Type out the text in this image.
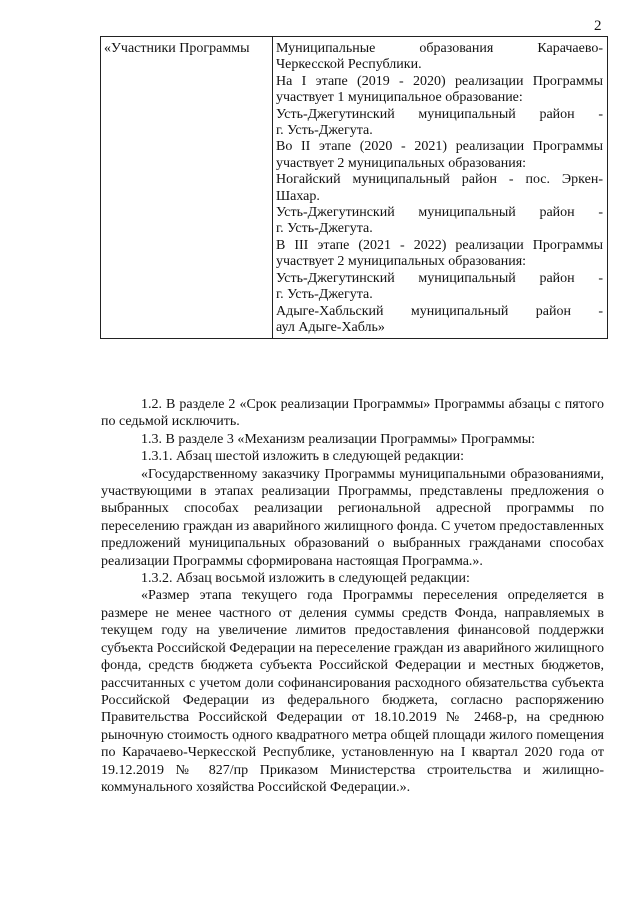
2
«Участники Программы	Муниципальные образования Карачаево-

Черкесской Республики.

На I этапе (2019 - 2020) реализации Программы

участвует 1 муниципальное образование:

Усть-Джегутинский муниципальный район -

г. Усть-Джегута.

Во II этапе (2020 - 2021) реализации Программы

участвует 2 муниципальных образования:

Ногайский муниципальный район - пос. Эркен-

Шахар.

Усть-Джегутинский муниципальный район -

г. Усть-Джегута.

В III этапе (2021 - 2022) реализации Программы

участвует 2 муниципальных образования:

Усть-Джегутинский муниципальный район -

г. Усть-Джегута.

Адыге-Хабльский муниципальный район -

аул Адыге-Хабль»

1.2. В разделе 2 «Срок реализации Программы» Программы абзацы с пятого по седьмой исключить.

1.3. В разделе 3 «Механизм реализации Программы» Программы:

1.3.1. Абзац шестой изложить в следующей редакции:

«Государственному заказчику Программы муниципальными образованиями, участвующими в этапах реализации Программы, представлены предложения о выбранных способах реализации региональной адресной программы по переселению граждан из аварийного жилищного фонда. С учетом предоставленных предложений муниципальных образований о выбранных гражданами способах реализации Программы сформирована настоящая Программа.».

1.3.2. Абзац восьмой изложить в следующей редакции:

«Размер этапа текущего года Программы переселения определяется в размере не менее частного от деления суммы средств Фонда, направляемых в текущем году на увеличение лимитов предоставления финансовой поддержки субъекта Российской Федерации на переселение граждан из аварийного жилищного фонда, средств бюджета субъекта Российской Федерации и местных бюджетов, рассчитанных с учетом доли софинансирования расходного обязательства субъекта Российской Федерации из федерального бюджета, согласно распоряжению Правительства Российской Федерации от 18.10.2019 № 2468-р, на среднюю рыночную стоимость одного квадратного метра общей площади жилого помещения по Карачаево-Черкесской Республике, установленную на I квартал 2020 года от 19.12.2019 № 827/пр Приказом Министерства строительства и жилищно-коммунального хозяйства Российской Федерации.».
